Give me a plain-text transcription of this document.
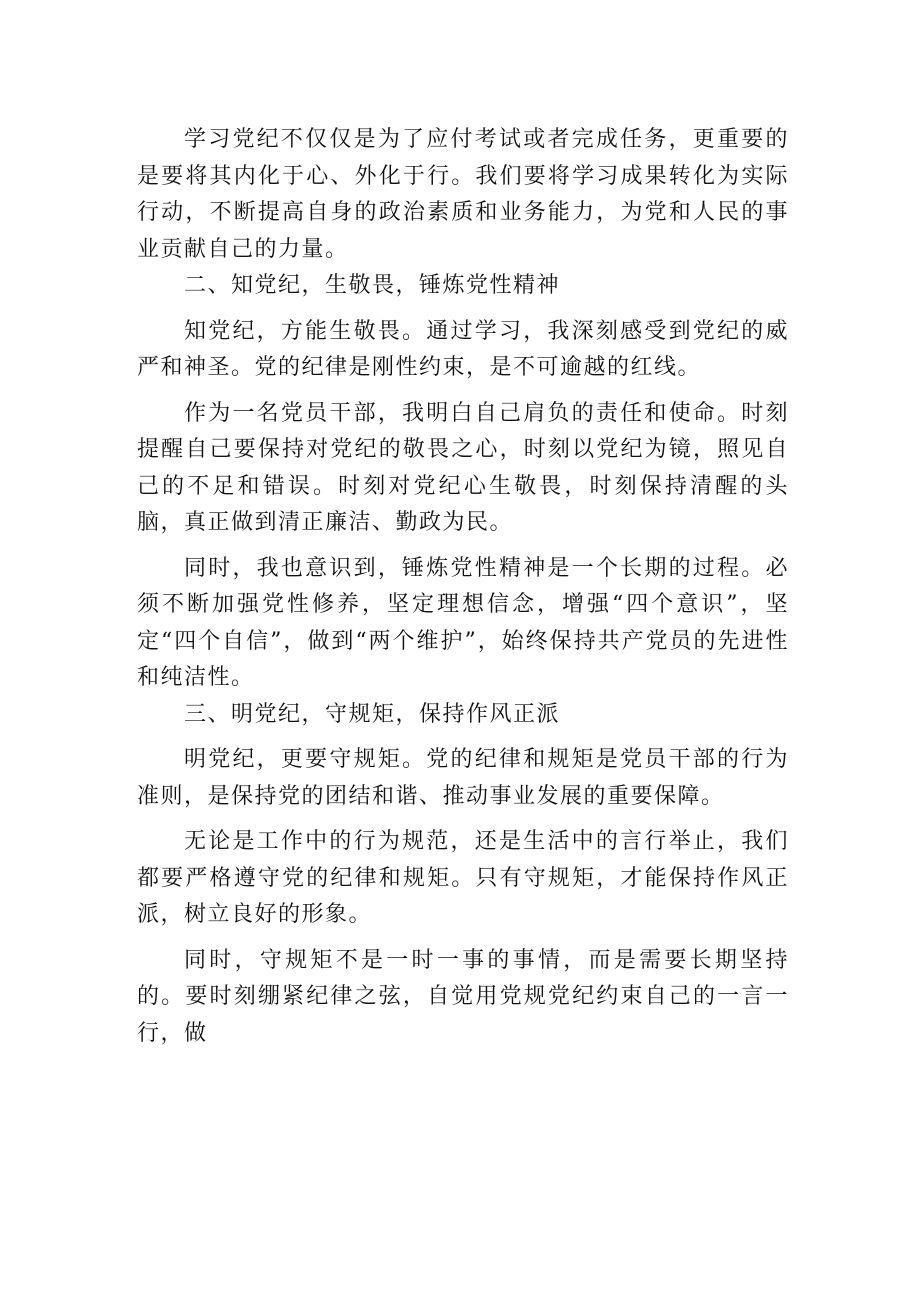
学习党纪不仅仅是为了应付考试或者完成任务，更重要的是要将其内化于心、外化于行。我们要将学习成果转化为实际行动，不断提高自身的政治素质和业务能力，为党和人民的事业贡献自己的力量。

二、知党纪，生敬畏，锤炼党性精神

知党纪，方能生敬畏。通过学习，我深刻感受到党纪的威严和神圣。党的纪律是刚性约束，是不可逾越的红线。

作为一名党员干部，我明白自己肩负的责任和使命。时刻提醒自己要保持对党纪的敬畏之心，时刻以党纪为镜，照见自己的不足和错误。时刻对党纪心生敬畏，时刻保持清醒的头脑，真正做到清正廉洁、勤政为民。

同时，我也意识到，锤炼党性精神是一个长期的过程。必须不断加强党性修养，坚定理想信念，增强“四个意识”，坚定“四个自信”，做到“两个维护”，始终保持共产党员的先进性和纯洁性。

三、明党纪，守规矩，保持作风正派

明党纪，更要守规矩。党的纪律和规矩是党员干部的行为准则，是保持党的团结和谐、推动事业发展的重要保障。

无论是工作中的行为规范，还是生活中的言行举止，我们都要严格遵守党的纪律和规矩。只有守规矩，才能保持作风正派，树立良好的形象。

同时，守规矩不是一时一事的事情，而是需要长期坚持的。要时刻绷紧纪律之弦，自觉用党规党纪约束自己的一言一行，做
